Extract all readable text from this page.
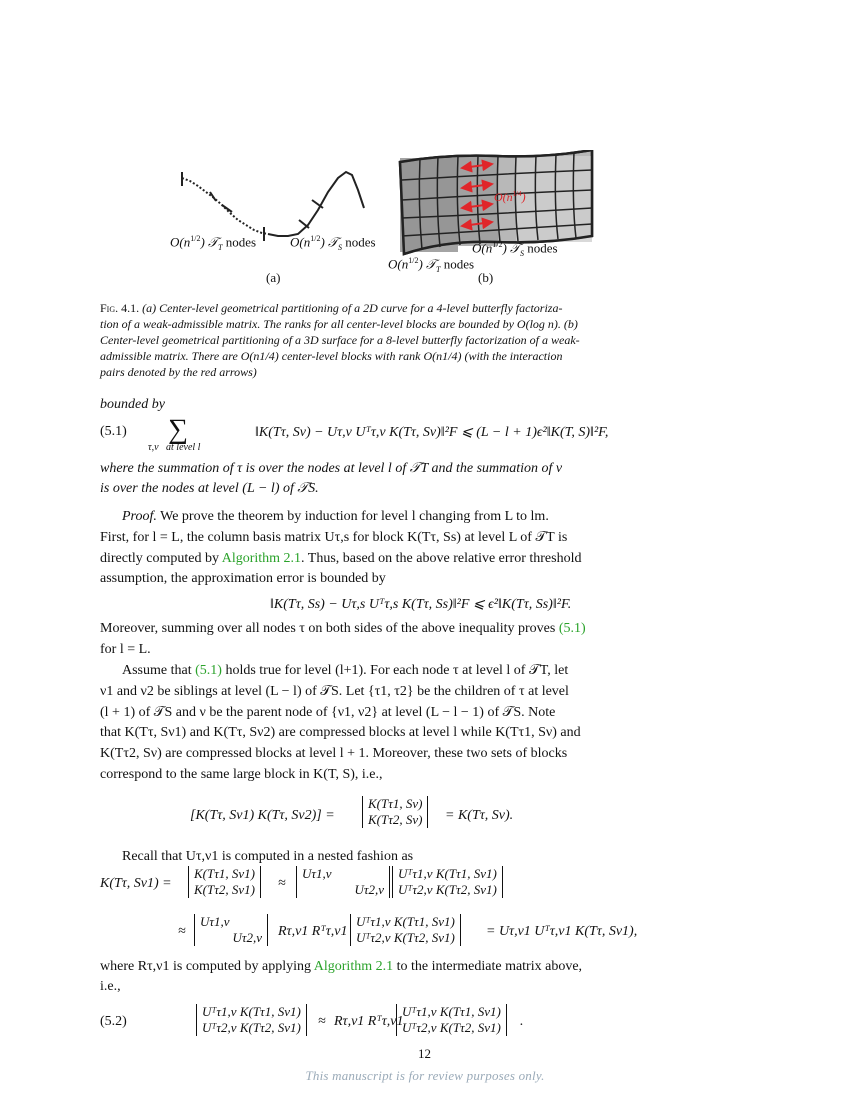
$O(n^{1/2})$ 𝒯$_T$ nodes	$O(n^{1/2})$ 𝒯$_S$ nodes
(a)
$O(n^{1/4})$
$O(n^{1/2})$ 𝒯$_S$ nodes
$O(n^{1/2})$ 𝒯$_T$ nodes
(b)
Fig. 4.1. (a) Center-level geometrical partitioning of a 2D curve for a 4-level butterfly factoriza-
tion of a weak-admissible matrix. The ranks for all center-level blocks are bounded by O(log n). (b)
Center-level geometrical partitioning of a 3D surface for a 8-level butterfly factorization of a weak-
admissible matrix. There are O(n1/4) center-level blocks with rank O(n1/4) (with the interaction
pairs denoted by the red arrows)
bounded by
(5.1) ∑
τ,ν   at level l
‖K(Tτ, Sν) − Uτ,ν Uᵀτ,ν K(Tτ, Sν)‖²F ⩽ (L − l + 1)ϵ²‖K(T, S)‖²F,
where the summation of τ is over the nodes at level l of 𝒯T and the summation of ν
is over the nodes at level (L − l) of 𝒯S.
Proof. We prove the theorem by induction for level l changing from L to lm.
First, for l = L, the column basis matrix Uτ,s for block K(Tτ, Ss) at level L of 𝒯T is
directly computed by Algorithm 2.1. Thus, based on the above relative error threshold
assumption, the approximation error is bounded by
‖K(Tτ, Ss) − Uτ,s Uᵀτ,s K(Tτ, Ss)‖²F ⩽ ϵ²‖K(Tτ, Ss)‖²F.
Moreover, summing over all nodes τ on both sides of the above inequality proves (5.1)
for l = L.
Assume that (5.1) holds true for level (l+1). For each node τ at level l of 𝒯T, let
ν1 and ν2 be siblings at level (L − l) of 𝒯S. Let {τ1, τ2} be the children of τ at level
(l + 1) of 𝒯S and ν be the parent node of {ν1, ν2} at level (L − l − 1) of 𝒯S. Note
that K(Tτ, Sν1) and K(Tτ, Sν2) are compressed blocks at level l while K(Tτ1, Sν) and
K(Tτ2, Sν) are compressed blocks at level l + 1. Moreover, these two sets of blocks
correspond to the same large block in K(T, S), i.e.,
[K(Tτ, Sν1) K(Tτ, Sν2)] =
K(Tτ1, Sν)
K(Tτ2, Sν) = K(Tτ, Sν).
Recall that Uτ,ν1 is computed in a nested fashion as
K(Tτ, Sν1) =
K(Tτ1, Sν1)
K(Tτ2, Sν1) ≈
Uτ1,ν
Uτ2,ν
Uᵀτ1,ν K(Tτ1, Sν1)
Uᵀτ2,ν K(Tτ2, Sν1)
≈
Uτ1,ν
Uτ2,ν Rτ,ν1 Rᵀτ,ν1
Uᵀτ1,ν K(Tτ1, Sν1)
Uᵀτ2,ν K(Tτ2, Sν1) = Uτ,ν1 Uᵀτ,ν1 K(Tτ, Sν1),
where Rτ,ν1 is computed by applying Algorithm 2.1 to the intermediate matrix above,
i.e.,
(5.2)
Uᵀτ1,ν K(Tτ1, Sν1)
Uᵀτ2,ν K(Tτ2, Sν1) ≈ Rτ,ν1 Rᵀτ,ν1
Uᵀτ1,ν K(Tτ1, Sν1)
Uᵀτ2,ν K(Tτ2, Sν1) .
12
This manuscript is for review purposes only.
